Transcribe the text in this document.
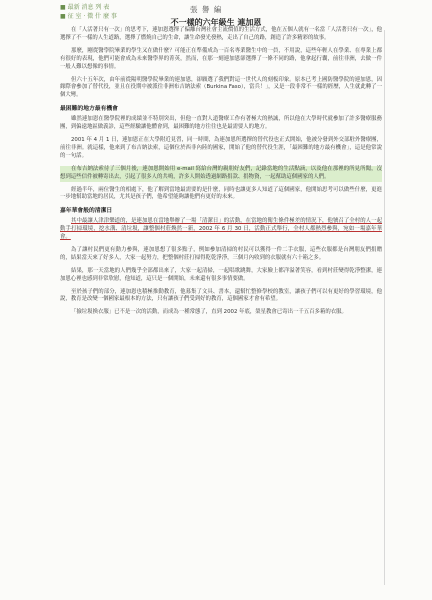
■ 最新 消息 列 表
■ 征 室 · 微 什 麼 事
張 譽 編
不一樣的六年級生 連加恩

在「人活著只有一次」的思考下，連加恩選擇了偏離台灣社會主流價值的生活方式，他在五個人就有一名當「人活著只有一次」，他選擇了不一樣的人生道路，選擇了燃燒自己的生命，讓生命發光發熱，走出了自己的路，創造了許多精彩的故事。

那麼，剛從醫學院畢業的學生又在做什麼？可能正在準備成為一百名專業醫生中的一員，不用說，這些年輕人在學業、在專業上都有很好的表現，他們可能會成為未來醫學界的菁英，然而，在那一刻連加恩卻選擇了一條不同的路，他拿起行囊，前往非洲，去做一件一般人難以想像的事情。

但六十五年次，由年前從陽明醫學院畢業的連加恩，卻願選了我們對這一世代人的刻板印象。原本已考上國防醫學院的連加恩，因緣際會參加了替代役，並且在役期中被派往非洲布吉納法索（Burkina Faso），當兵！」，又是一段非常不一樣的經歷，人生就此轉了一個大彎。

最困難的地方最有機會

雖然連加恩在醫學院裡的成績並不特別突出，但他一直對人道醫療工作有著極大的熱誠，所以他在大學時代就參加了許多醫療服務團，到偏遠地區做義診，這些經驗讓他體會到，最困難的地方往往也是最需要人的地方。

2001 年 4 月 1 日，連加恩正在大學附近見習，同一時間，為連加恩所選擇的替代役也正式開始，他被分發到外交部駐外醫療團，前往非洲。就這樣，他來到了布吉納法索，這個位於西非內陸的國家，開始了他的替代役生涯，「最困難的地方最有機會」，這是他常說的一句話。

在布吉納法索待了三個月後，連加恩開始用 e-mail 寫給台灣的親朋好友們，記錄當地的生活點滴，以及他在那裡的所見所聞，沒想到這些信件被轉寄出去，引起了很多人的共鳴，許多人開始透過網路捐款、捐物資，一起幫助這個國家的人們。

經過半年，兩位醫生的相處下，他了解到當地最需要的是什麼，同時也讓更多人知道了這個國家，他開始思考可以做些什麼，更進一步地幫助當地的居民，尤其是孩子們，他希望能夠讓他們有更好的未來。

嘉年華會般的清潔日

其中最讓人津津樂道的，是連加恩在當地舉辦了一場「清潔日」的活動，在當地的衛生條件極差的情況下，他號召了全村的人一起動手打掃環境，挖水溝、清垃圾，讓整個村莊煥然一新，2002 年 6 月 30 日，活動正式舉行，全村人都熱烈參與，宛如一場嘉年華會。

為了讓村民們更有動力參與，連加恩想了很多點子，例如參加清掃的村民可以獲得一件二手衣服，這些衣服都是台灣朋友們捐贈的，結果當天來了好多人，大家一起努力，把整個村莊打掃得乾乾淨淨，三個月內收到的衣服就有六十箱之多。

結果，那一天當地的人們幾乎全部都出來了，大家一起清掃，一起唱歌跳舞，大家臉上都洋溢著笑容，看到村莊變得乾淨整潔，連加恩心裡也感到非常欣慰，他知道，這只是一個開始，未來還有很多事情要做。

至於孩子們的部分，連加恩也積極推動教育，他募集了文具、書本，還幫忙整修學校的教室，讓孩子們可以有更好的學習環境，他說，教育是改變一個國家最根本的方法，只有讓孩子們受到好的教育，這個國家才會有希望。

「撿垃圾換衣服」已不是一次的活動，而成為一種常態了，直到 2002 年底，榮星教會已寄出一千五百多箱的衣服。
